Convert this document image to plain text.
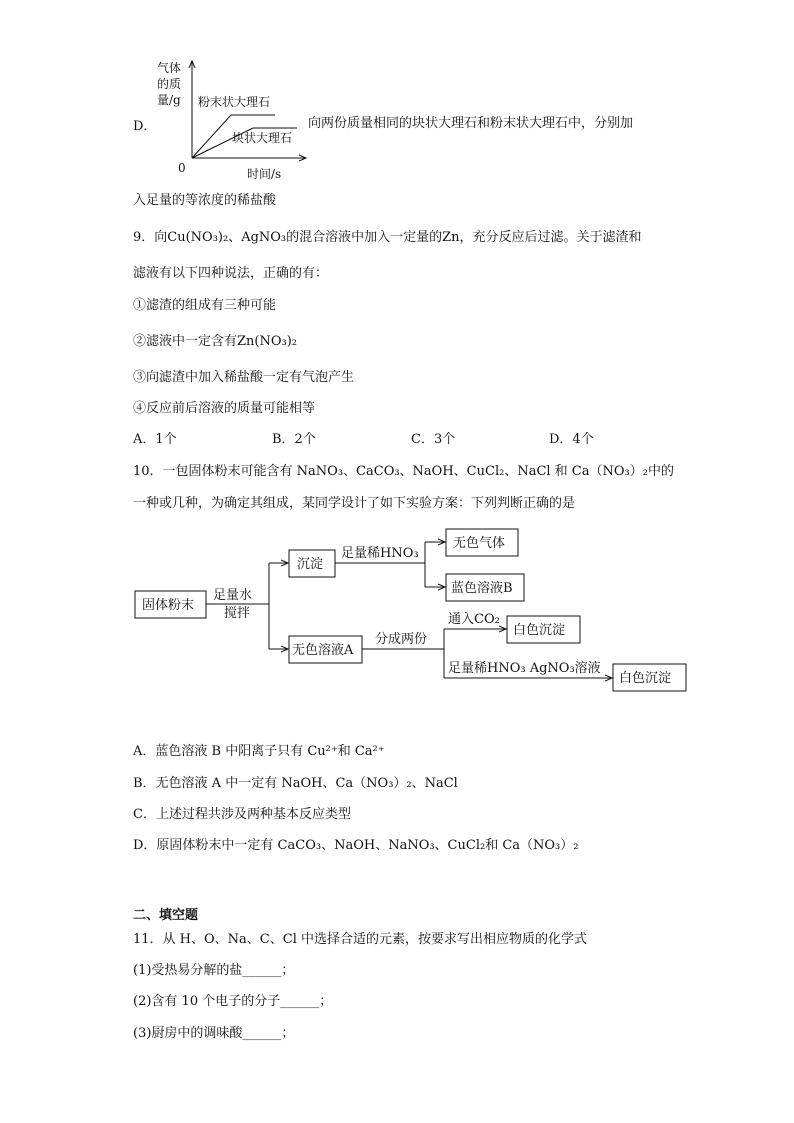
D．
气体
的质
量/g
0	时间/s
粉末状大理石
块状大理石
向两份质量相同的块状大理石和粉末状大理石中，分别加
入足量的等浓度的稀盐酸
9．向Cu(NO₃)₂、AgNO₃的混合溶液中加入一定量的Zn，充分反应后过滤。关于滤渣和
滤液有以下四种说法，正确的有：
①滤渣的组成有三种可能
②滤液中一定含有Zn(NO₃)₂
③向滤渣中加入稀盐酸一定有气泡产生
④反应前后溶液的质量可能相等
A．1个	B．2个	C．3个	D．4个
10．一包固体粉末可能含有 NaNO₃、CaCO₃、NaOH、CuCl₂、NaCl 和 Ca（NO₃）₂中的
一种或几种，为确定其组成，某同学设计了如下实验方案：下列判断正确的是
固体粉末
足量水
搅拌
沉淀
足量稀HNO₃
无色气体
蓝色溶液B
无色溶液A
分成两份
通入CO₂
白色沉淀
足量稀HNO₃ AgNO₃溶液
白色沉淀
A．蓝色溶液 B 中阳离子只有 Cu²⁺和 Ca²⁺
B．无色溶液 A 中一定有 NaOH、Ca（NO₃）₂、NaCl
C．上述过程共涉及两种基本反应类型
D．原固体粉末中一定有 CaCO₃、NaOH、NaNO₃、CuCl₂和 Ca（NO₃）₂
二、填空题
11．从 H、O、Na、C、Cl 中选择合适的元素，按要求写出相应物质的化学式
(1)受热易分解的盐______；
(2)含有 10 个电子的分子______；
(3)厨房中的调味酸______；
